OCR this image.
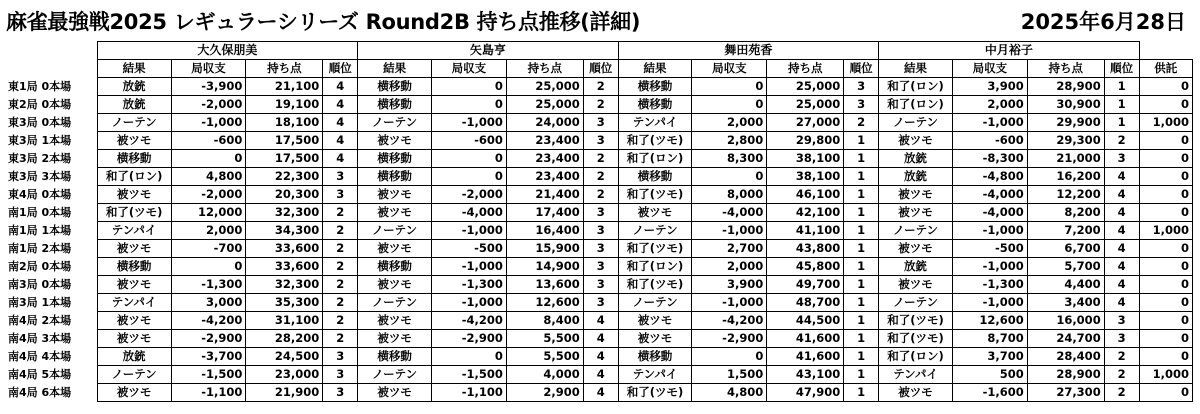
麻雀最強戦2025 レギュラーシリーズ Round2B 持ち点推移(詳細)	2025年6月28日
	大久保朋美				矢島亨				舞田苑香				中月裕子				
	結果	局収支	持ち点	順位	結果	局収支	持ち点	順位	結果	局収支	持ち点	順位	結果	局収支	持ち点	順位	供託
東1局 0本場	放銃	-3,900	21,100	4	横移動	0	25,000	2	横移動	0	25,000	3	和了(ロン)	3,900	28,900	1	0
東2局 0本場	放銃	-2,000	19,100	4	横移動	0	25,000	2	横移動	0	25,000	3	和了(ロン)	2,000	30,900	1	0
東3局 0本場	ノーテン	-1,000	18,100	4	ノーテン	-1,000	24,000	3	テンパイ	2,000	27,000	2	ノーテン	-1,000	29,900	1	1,000
東3局 1本場	被ツモ	-600	17,500	4	被ツモ	-600	23,400	3	和了(ツモ)	2,800	29,800	1	被ツモ	-600	29,300	2	0
東3局 2本場	横移動	0	17,500	4	横移動	0	23,400	2	和了(ロン)	8,300	38,100	1	放銃	-8,300	21,000	3	0
東3局 3本場	和了(ロン)	4,800	22,300	3	横移動	0	23,400	2	横移動	0	38,100	1	放銃	-4,800	16,200	4	0
東4局 0本場	被ツモ	-2,000	20,300	3	被ツモ	-2,000	21,400	2	和了(ツモ)	8,000	46,100	1	被ツモ	-4,000	12,200	4	0
南1局 0本場	和了(ツモ)	12,000	32,300	2	被ツモ	-4,000	17,400	3	被ツモ	-4,000	42,100	1	被ツモ	-4,000	8,200	4	0
南1局 1本場	テンパイ	2,000	34,300	2	ノーテン	-1,000	16,400	3	ノーテン	-1,000	41,100	1	ノーテン	-1,000	7,200	4	1,000
南1局 2本場	被ツモ	-700	33,600	2	被ツモ	-500	15,900	3	和了(ツモ)	2,700	43,800	1	被ツモ	-500	6,700	4	0
南2局 0本場	横移動	0	33,600	2	横移動	-1,000	14,900	3	和了(ロン)	2,000	45,800	1	放銃	-1,000	5,700	4	0
南3局 0本場	被ツモ	-1,300	32,300	2	被ツモ	-1,300	13,600	3	和了(ツモ)	3,900	49,700	1	被ツモ	-1,300	4,400	4	0
南3局 1本場	テンパイ	3,000	35,300	2	ノーテン	-1,000	12,600	3	ノーテン	-1,000	48,700	1	ノーテン	-1,000	3,400	4	0
南4局 2本場	被ツモ	-4,200	31,100	2	被ツモ	-4,200	8,400	4	被ツモ	-4,200	44,500	1	和了(ツモ)	12,600	16,000	3	0
南4局 3本場	被ツモ	-2,900	28,200	2	被ツモ	-2,900	5,500	4	被ツモ	-2,900	41,600	1	和了(ツモ)	8,700	24,700	3	0
南4局 4本場	放銃	-3,700	24,500	3	横移動	0	5,500	4	横移動	0	41,600	1	和了(ロン)	3,700	28,400	2	0
南4局 5本場	ノーテン	-1,500	23,000	3	ノーテン	-1,500	4,000	4	テンパイ	1,500	43,100	1	テンパイ	500	28,900	2	1,000
南4局 6本場	被ツモ	-1,100	21,900	3	被ツモ	-1,100	2,900	4	和了(ツモ)	4,800	47,900	1	被ツモ	-1,600	27,300	2	0
